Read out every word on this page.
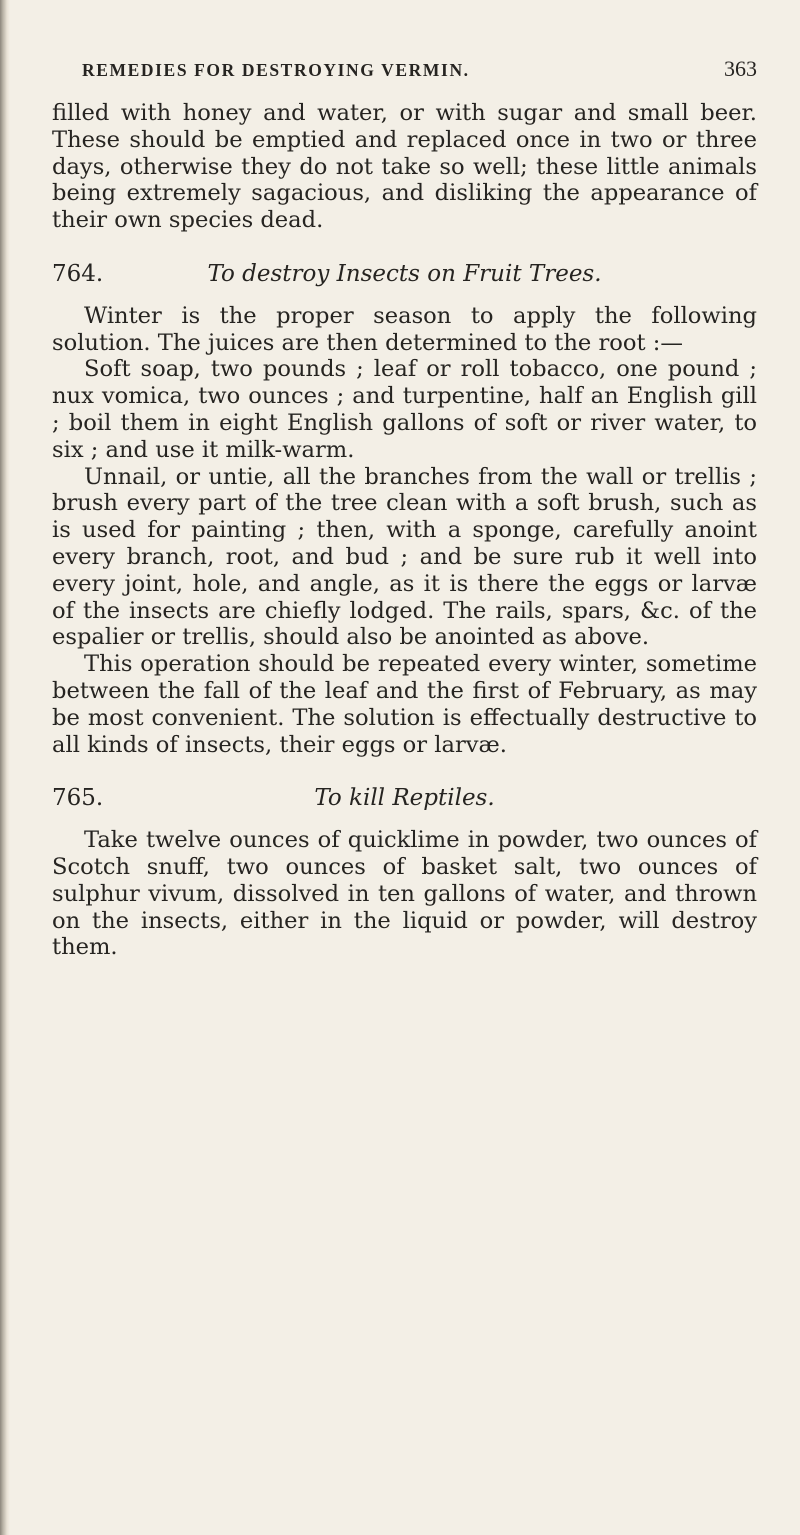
REMEDIES FOR DESTROYING VERMIN.	363

filled with honey and water, or with sugar and small beer. These should be emptied and replaced once in two or three days, otherwise they do not take so well; these little animals being extremely sagacious, and disliking the appearance of their own species dead.

764.	To destroy Insects on Fruit Trees.

Winter is the proper season to apply the following solution. The juices are then determined to the root :—

Soft soap, two pounds ; leaf or roll tobacco, one pound ; nux vomica, two ounces ; and turpentine, half an English gill ; boil them in eight English gallons of soft or river water, to six ; and use it milk-warm.

Unnail, or untie, all the branches from the wall or trellis ; brush every part of the tree clean with a soft brush, such as is used for painting ; then, with a sponge, carefully anoint every branch, root, and bud ; and be sure rub it well into every joint, hole, and angle, as it is there the eggs or larvæ of the insects are chiefly lodged. The rails, spars, &c. of the espalier or trellis, should also be anointed as above.

This operation should be repeated every winter, sometime between the fall of the leaf and the first of February, as may be most convenient. The solution is effectually destructive to all kinds of insects, their eggs or larvæ.

765.	To kill Reptiles.

Take twelve ounces of quicklime in powder, two ounces of Scotch snuff, two ounces of basket salt, two ounces of sulphur vivum, dissolved in ten gallons of water, and thrown on the insects, either in the liquid or powder, will destroy them.
